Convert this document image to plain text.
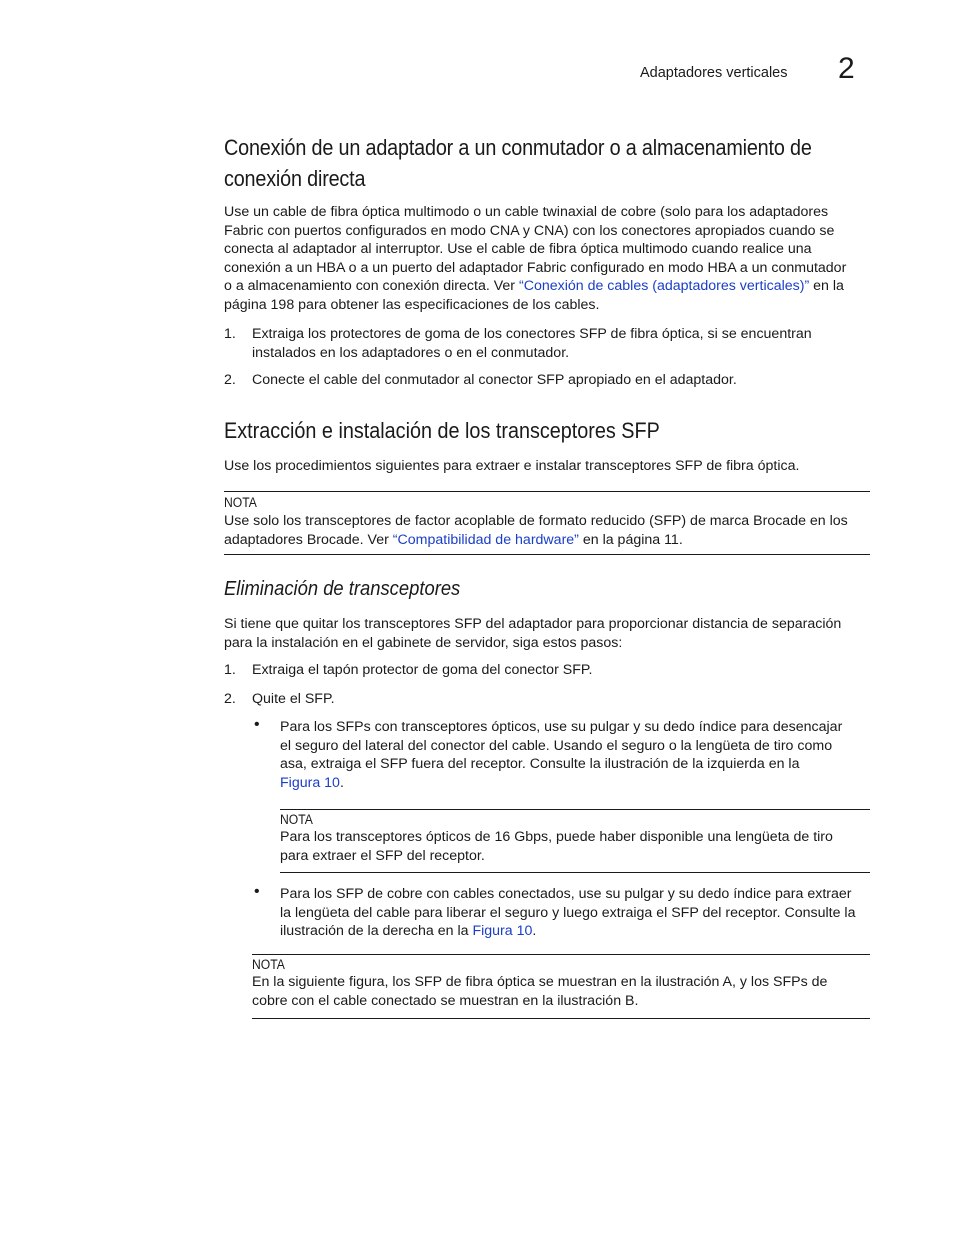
Adaptadores verticales 2
Conexión de un adaptador a un conmutador o a almacenamiento de
conexión directa
Use un cable de fibra óptica multimodo o un cable twinaxial de cobre (solo para los adaptadores
Fabric con puertos configurados en modo CNA y CNA) con los conectores apropiados cuando se
conecta al adaptador al interruptor. Use el cable de fibra óptica multimodo cuando realice una
conexión a un HBA o a un puerto del adaptador Fabric configurado en modo HBA a un conmutador
o a almacenamiento con conexión directa. Ver “Conexión de cables (adaptadores verticales)” en la
página 198 para obtener las especificaciones de los cables.
1. Extraiga los protectores de goma de los conectores SFP de fibra óptica, si se encuentran
instalados en los adaptadores o en el conmutador.
2. Conecte el cable del conmutador al conector SFP apropiado en el adaptador.
Extracción e instalación de los transceptores SFP
Use los procedimientos siguientes para extraer e instalar transceptores SFP de fibra óptica.
NOTA
Use solo los transceptores de factor acoplable de formato reducido (SFP) de marca Brocade en los
adaptadores Brocade. Ver “Compatibilidad de hardware” en la página 11.
Eliminación de transceptores
Si tiene que quitar los transceptores SFP del adaptador para proporcionar distancia de separación
para la instalación en el gabinete de servidor, siga estos pasos:
1. Extraiga el tapón protector de goma del conector SFP.
2. Quite el SFP.
• Para los SFPs con transceptores ópticos, use su pulgar y su dedo índice para desencajar
el seguro del lateral del conector del cable. Usando el seguro o la lengüeta de tiro como
asa, extraiga el SFP fuera del receptor. Consulte la ilustración de la izquierda en la
Figura 10.
NOTA
Para los transceptores ópticos de 16 Gbps, puede haber disponible una lengüeta de tiro
para extraer el SFP del receptor.
• Para los SFP de cobre con cables conectados, use su pulgar y su dedo índice para extraer
la lengüeta del cable para liberar el seguro y luego extraiga el SFP del receptor. Consulte la
ilustración de la derecha en la Figura 10.
NOTA
En la siguiente figura, los SFP de fibra óptica se muestran en la ilustración A, y los SFPs de
cobre con el cable conectado se muestran en la ilustración B.
